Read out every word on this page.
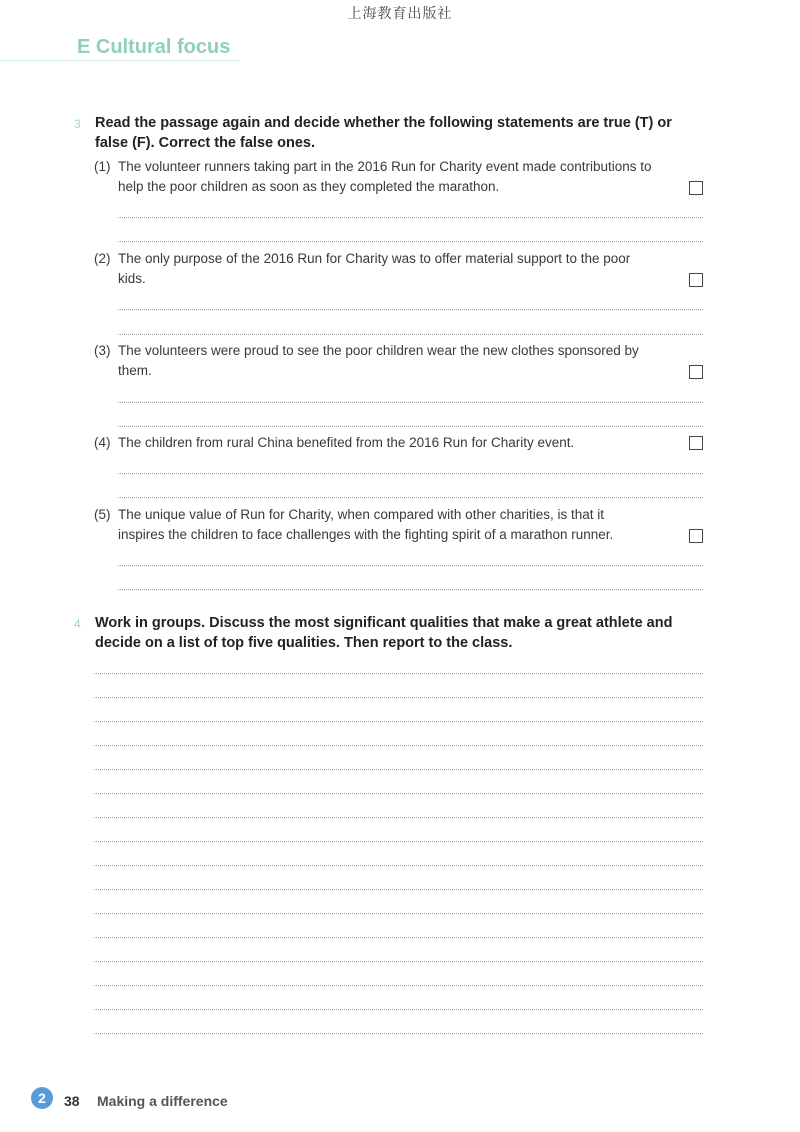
上海教育出版社
E Cultural focus
3 Read the passage again and decide whether the following statements are true (T) or false (F). Correct the false ones.
(1) The volunteer runners taking part in the 2016 Run for Charity event made contributions to help the poor children as soon as they completed the marathon.
(2) The only purpose of the 2016 Run for Charity was to offer material support to the poor kids.
(3) The volunteers were proud to see the poor children wear the new clothes sponsored by them.
(4) The children from rural China benefited from the 2016 Run for Charity event.
(5) The unique value of Run for Charity, when compared with other charities, is that it inspires the children to face challenges with the fighting spirit of a marathon runner.
4 Work in groups. Discuss the most significant qualities that make a great athlete and decide on a list of top five qualities. Then report to the class.
2	38 Making a difference
